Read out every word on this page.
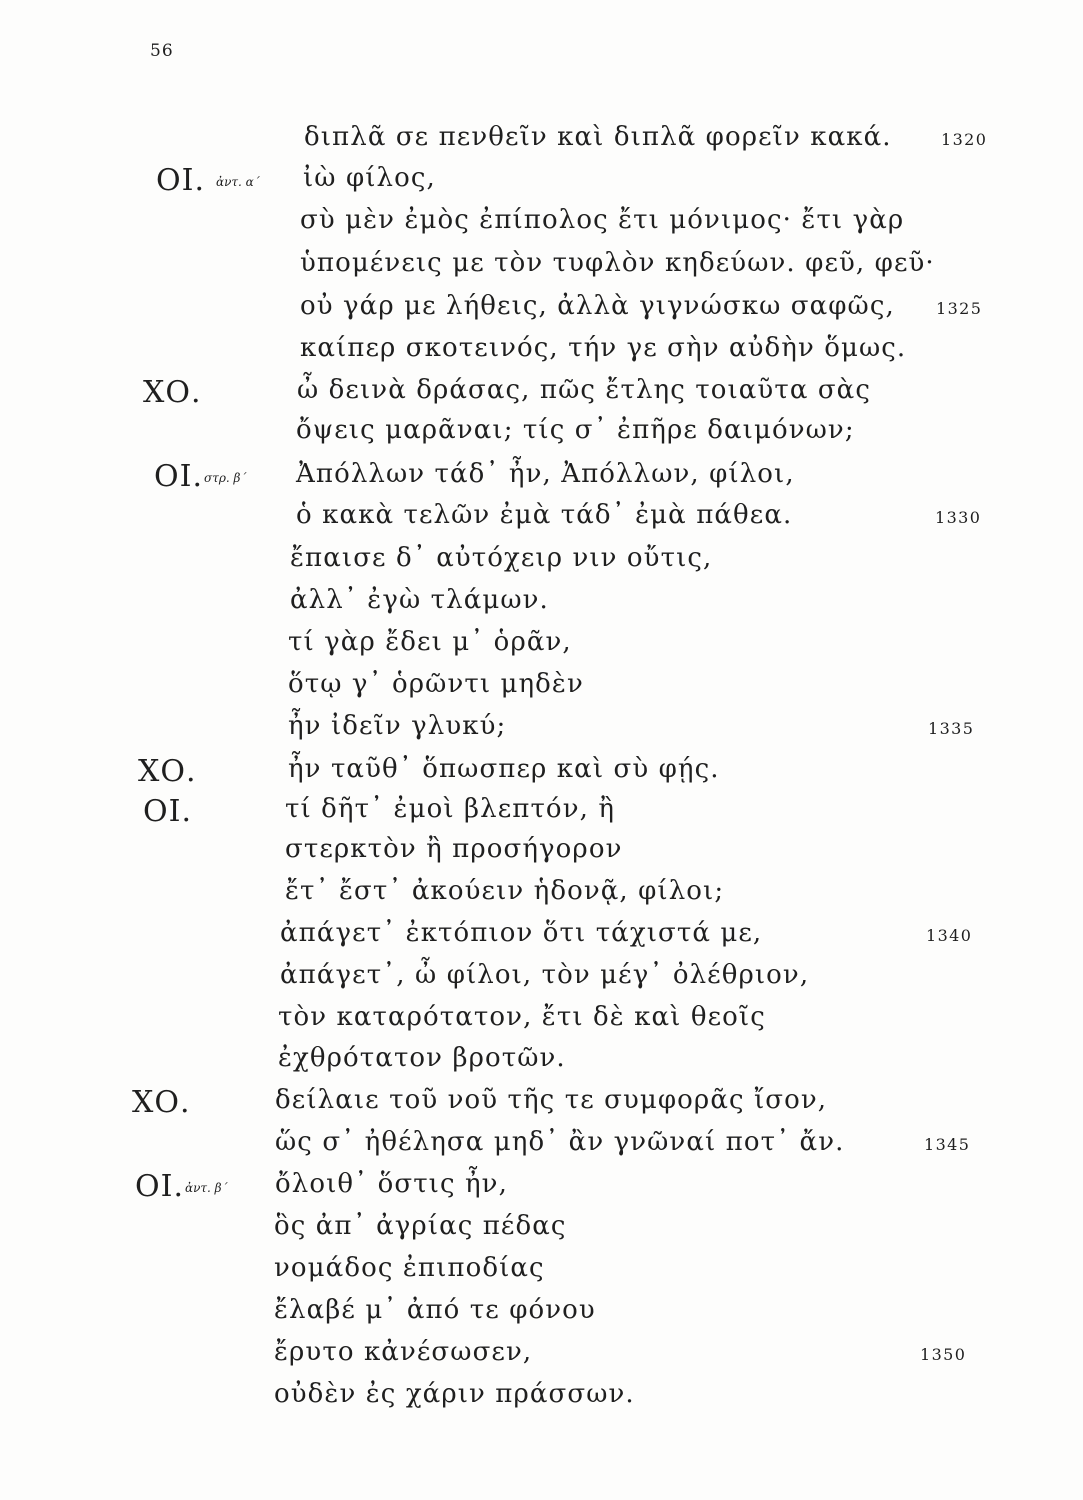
56
διπλᾶ σε πενθεῖν καὶ διπλᾶ φορεῖν κακά.	1320
ΟΙ. ἀντ. α΄ ἰὼ φίλος,
σὺ μὲν ἐμὸς ἐπίπολος ἔτι μόνιμος· ἔτι γὰρ
ὑπομένεις με τὸν τυφλὸν κηδεύων. φεῦ, φεῦ·
οὐ γάρ με λήθεις, ἀλλὰ γιγνώσκω σαφῶς,	1325
καίπερ σκοτεινός, τήν γε σὴν αὐδὴν ὅμως.
ΧΟ.	ὦ δεινὰ δράσας, πῶς ἔτλης τοιαῦτα σὰς
ὄψεις μαρᾶναι; τίς σ᾽ ἐπῆρε δαιμόνων;
ΟΙ. στρ. β΄ Ἀπόλλων τάδ᾽ ἦν, Ἀπόλλων, φίλοι,
ὁ κακὰ τελῶν ἐμὰ τάδ᾽ ἐμὰ πάθεα.	1330
ἔπαισε δ᾽ αὐτόχειρ νιν οὔτις,
ἀλλ᾽ ἐγὼ τλάμων.
τί γὰρ ἔδει μ᾽ ὁρᾶν,
ὅτῳ γ᾽ ὁρῶντι μηδὲν
ἦν ἰδεῖν γλυκύ;	1335
ΧΟ.	ἦν ταῦθ᾽ ὅπωσπερ καὶ σὺ φῄς.
ΟΙ.	τί δῆτ᾽ ἐμοὶ βλεπτόν, ἢ
στερκτὸν ἢ προσήγορον
ἔτ᾽ ἔστ᾽ ἀκούειν ἡδονᾷ, φίλοι;
ἀπάγετ᾽ ἐκτόπιον ὅτι τάχιστά με,	1340
ἀπάγετ᾽, ὦ φίλοι, τὸν μέγ᾽ ὀλέθριον,
τὸν καταρότατον, ἔτι δὲ καὶ θεοῖς
ἐχθρότατον βροτῶν.
ΧΟ.	δείλαιε τοῦ νοῦ τῆς τε συμφορᾶς ἴσον,
ὥς σ᾽ ἠθέλησα μηδ᾽ ἂν γνῶναί ποτ᾽ ἄν.	1345
ΟΙ. ἀντ. β΄ ὄλοιθ᾽ ὅστις ἦν,
ὃς ἀπ᾽ ἀγρίας πέδας
νομάδος ἐπιποδίας
ἔλαβέ μ᾽ ἀπό τε φόνου
ἔρυτο κἀνέσωσεν,	1350
οὐδὲν ἐς χάριν πράσσων.
